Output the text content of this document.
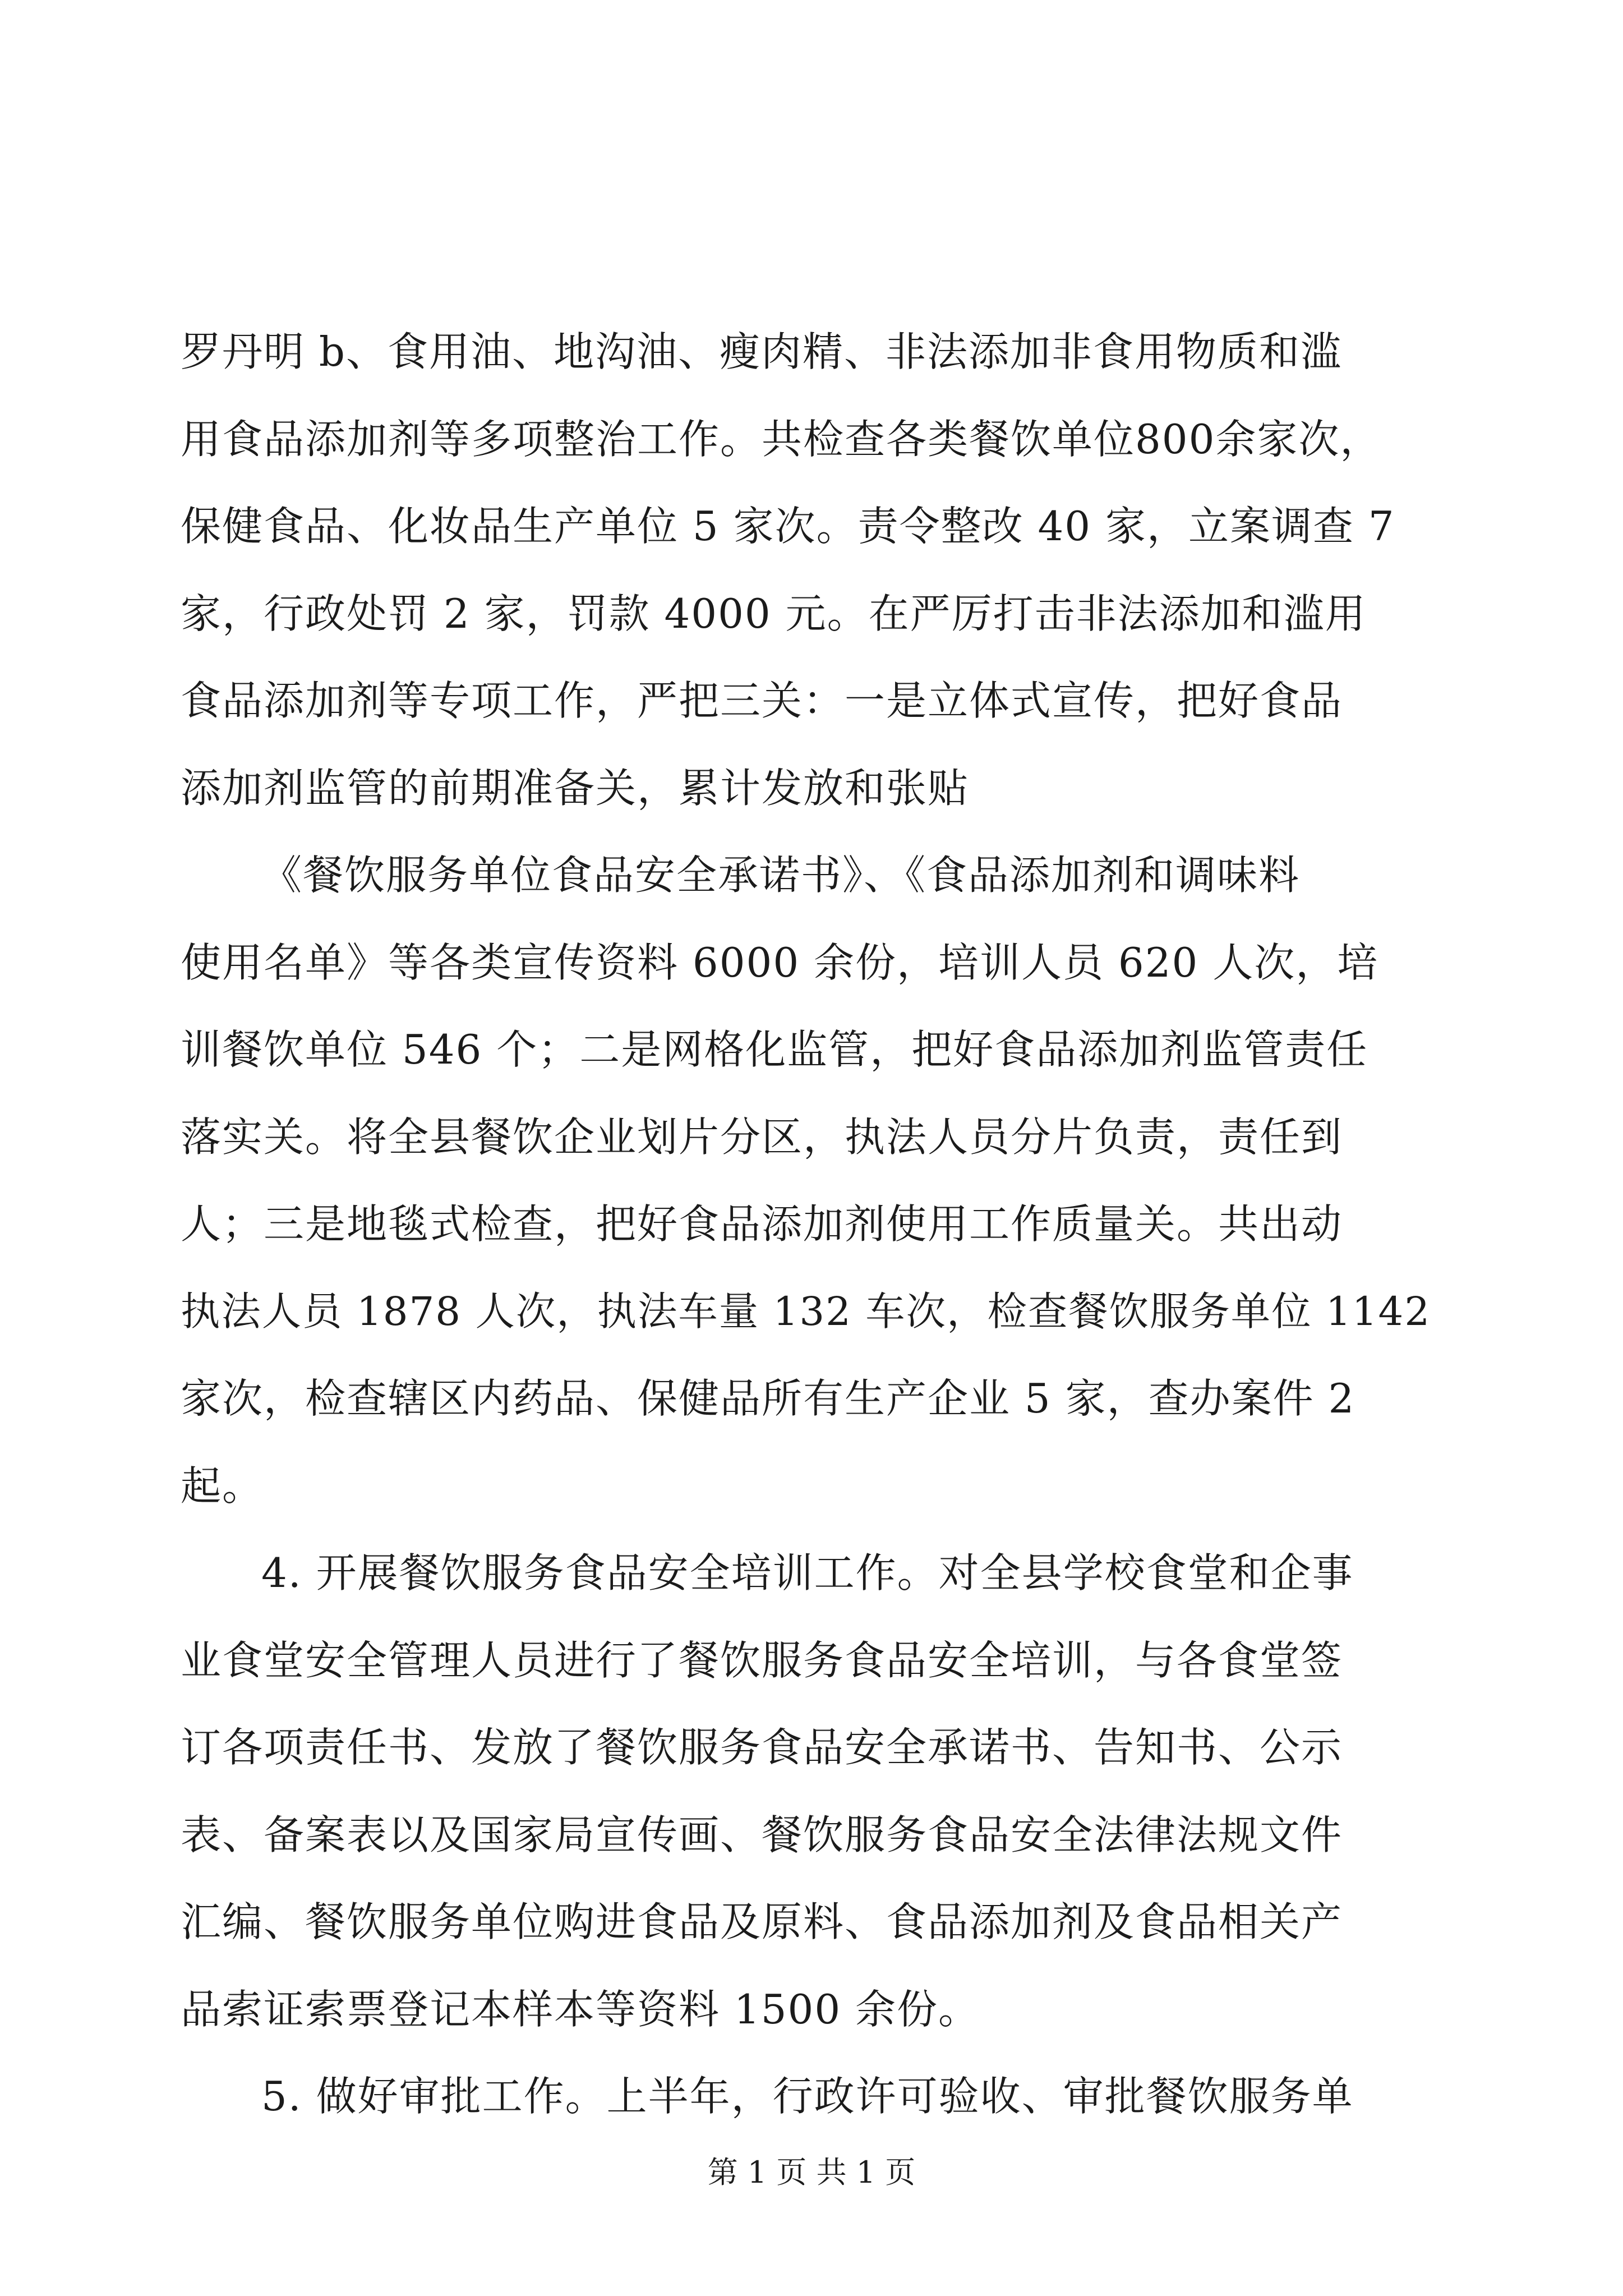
罗丹明 b、食用油、地沟油、瘦肉精、非法添加非食用物质和滥
用食品添加剂等多项整治工作。共检查各类餐饮单位800余家次，
保健食品、化妆品生产单位 5 家次。责令整改 40 家，立案调查 7
家，行政处罚 2 家，罚款 4000 元。在严厉打击非法添加和滥用
食品添加剂等专项工作，严把三关：一是立体式宣传，把好食品
添加剂监管的前期准备关，累计发放和张贴
《餐饮服务单位食品安全承诺书》、《食品添加剂和调味料
使用名单》等各类宣传资料 6000 余份，培训人员 620 人次，培
训餐饮单位 546 个；二是网格化监管，把好食品添加剂监管责任
落实关。将全县餐饮企业划片分区，执法人员分片负责，责任到
人；三是地毯式检查，把好食品添加剂使用工作质量关。共出动
执法人员 1878 人次，执法车量 132 车次，检查餐饮服务单位 1142
家次，检查辖区内药品、保健品所有生产企业 5 家，查办案件 2
起。
4. 开展餐饮服务食品安全培训工作。对全县学校食堂和企事
业食堂安全管理人员进行了餐饮服务食品安全培训，与各食堂签
订各项责任书、发放了餐饮服务食品安全承诺书、告知书、公示
表、备案表以及国家局宣传画、餐饮服务食品安全法律法规文件
汇编、餐饮服务单位购进食品及原料、食品添加剂及食品相关产
品索证索票登记本样本等资料 1500 余份。
5. 做好审批工作。上半年，行政许可验收、审批餐饮服务单
第 1 页 共 1 页
